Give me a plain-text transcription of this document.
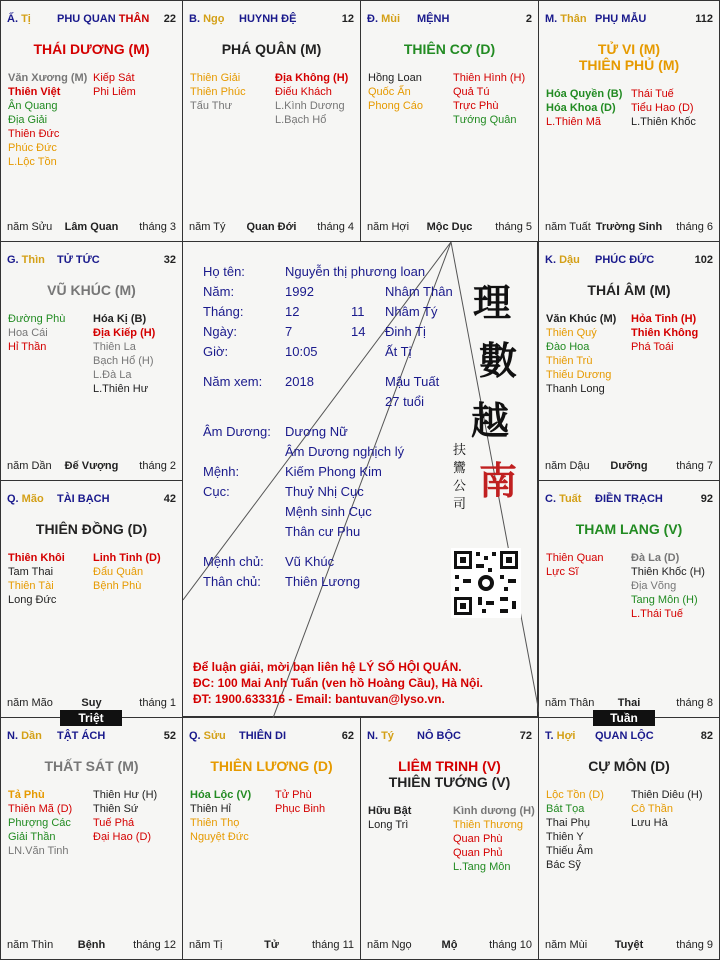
Ấ. Tị PHU QUAN THÂN 22
THÁI DƯƠNG (M)
Văn Xương (M)
Thiên Việt
Ân Quang
Địa Giải
Thiên Đức
Phúc Đức
L.Lộc Tồn
Kiếp Sát
Phi Liêm
năm Sửu	Lâm Quan	tháng 3
B. Ngọ HUYNH ĐỆ	12
PHÁ QUÂN (M)
Thiên Giải
Thiên Phúc
Tấu Thư
Địa Không (H)
Điếu Khách
L.Kình Dương
L.Bạch Hổ
năm Tý	Quan Đới	tháng 4
Đ. Mùi MỆNH	2
THIÊN CƠ (D)
Hồng Loan
Quốc Ấn
Phong Cáo
Thiên Hình (H)
Quả Tú
Trực Phù
Tướng Quân
năm Hợi	Mộc Dục	tháng 5
M. Thân PHỤ MẪU	112
TỬ VI (M)
THIÊN PHỦ (M)
Hóa Quyền (B)
Hóa Khoa (D)
L.Thiên Mã
Thái Tuế
Tiểu Hao (D)
L.Thiên Khốc
năm Tuất Trường Sinh	tháng 6
G. Thìn TỬ TỨC	32
VŨ KHÚC (M)
Đường Phù
Hoa Cái
Hỉ Thần
Hóa Kị (B)
Địa Kiếp (H)
Thiên La
Bạch Hổ (H)
L.Đà La
L.Thiên Hư
năm Dần	Đế Vượng	tháng 2
K. Dậu PHÚC ĐỨC	102
THÁI ÂM (M)
Văn Khúc (M)
Thiên Quý
Đào Hoa
Thiên Trù
Thiếu Dương
Thanh Long
Hỏa Tinh (H)
Thiên Không
Phá Toái
năm Dậu	Dưỡng	tháng 7
Q. Mão TÀI BẠCH	42
THIÊN ĐỒNG (D)
Thiên Khôi
Tam Thai
Thiên Tài
Long Đức
Linh Tinh (D)
Đẩu Quân
Bệnh Phù
năm Mão	Suy	tháng 1
C. Tuất ĐIỀN TRẠCH	92
THAM LANG (V)
Thiên Quan
Lực Sĩ
Đà La (D)
Thiên Khốc (H)
Địa Võng
Tang Môn (H)
L.Thái Tuế
năm Thân	Thai	tháng 8
N. Dần TẬT ÁCH	52
THẤT SÁT (M)
Tả Phù
Thiên Mã (D)
Phượng Các
Giải Thần
LN.Văn Tinh
Thiên Hư (H)
Thiên Sứ
Tuế Phá
Đại Hao (D)
năm Thìn	Bệnh	tháng 12
Q. Sửu THIÊN DI	62
THIÊN LƯƠNG (D)
Hóa Lộc (V)
Thiên Hỉ
Thiên Thọ
Nguyệt Đức
Tử Phù
Phục Binh
năm Tị	Tử	tháng 11
N. Tý NÔ BỘC	72
LIÊM TRINH (V)
THIÊN TƯỚNG (V)
Hữu Bật
Long Trì
Kình dương (H)
Thiên Thương
Quan Phù
Quan Phủ
L.Tang Môn
năm Ngọ	Mộ	tháng 10
T. Hợi QUAN LỘC	82
CỰ MÔN (D)
Lộc Tồn (D)
Bát Tọa
Thai Phụ
Thiên Y
Thiếu Âm
Bác Sỹ
Thiên Diêu (H)
Cô Thần
Lưu Hà
năm Mùi	Tuyệt	tháng 9
Họ tên:	Nguyễn thị phương loan
Năm:	1992	Nhâm Thân
Tháng:	12	11 Nhâm Tý
Ngày:	7	14 Đinh Tị
Giờ:	10:05	Ất Tị
Năm xem: 2018	Mậu Tuất
27 tuổi
Âm Dương: Dương Nữ
Âm Dương nghịch lý
Mệnh:	Kiếm Phong Kim
Cục:	Thuỷ Nhị Cục
Mệnh sinh Cục
Thân cư Phu
Mệnh chủ: Vũ Khúc
Thân chủ: Thiên Lương
理
數
越
南
扶
鸞
公
司
Để luận giải, mời bạn liên hệ LÝ SỐ HỘI QUÁN.
ĐC: 100 Mai Anh Tuấn (ven hồ Hoàng Cầu), Hà Nội.
ĐT: 1900.633316 - Email: bantuvan@lyso.vn.
Triệt	Tuần
